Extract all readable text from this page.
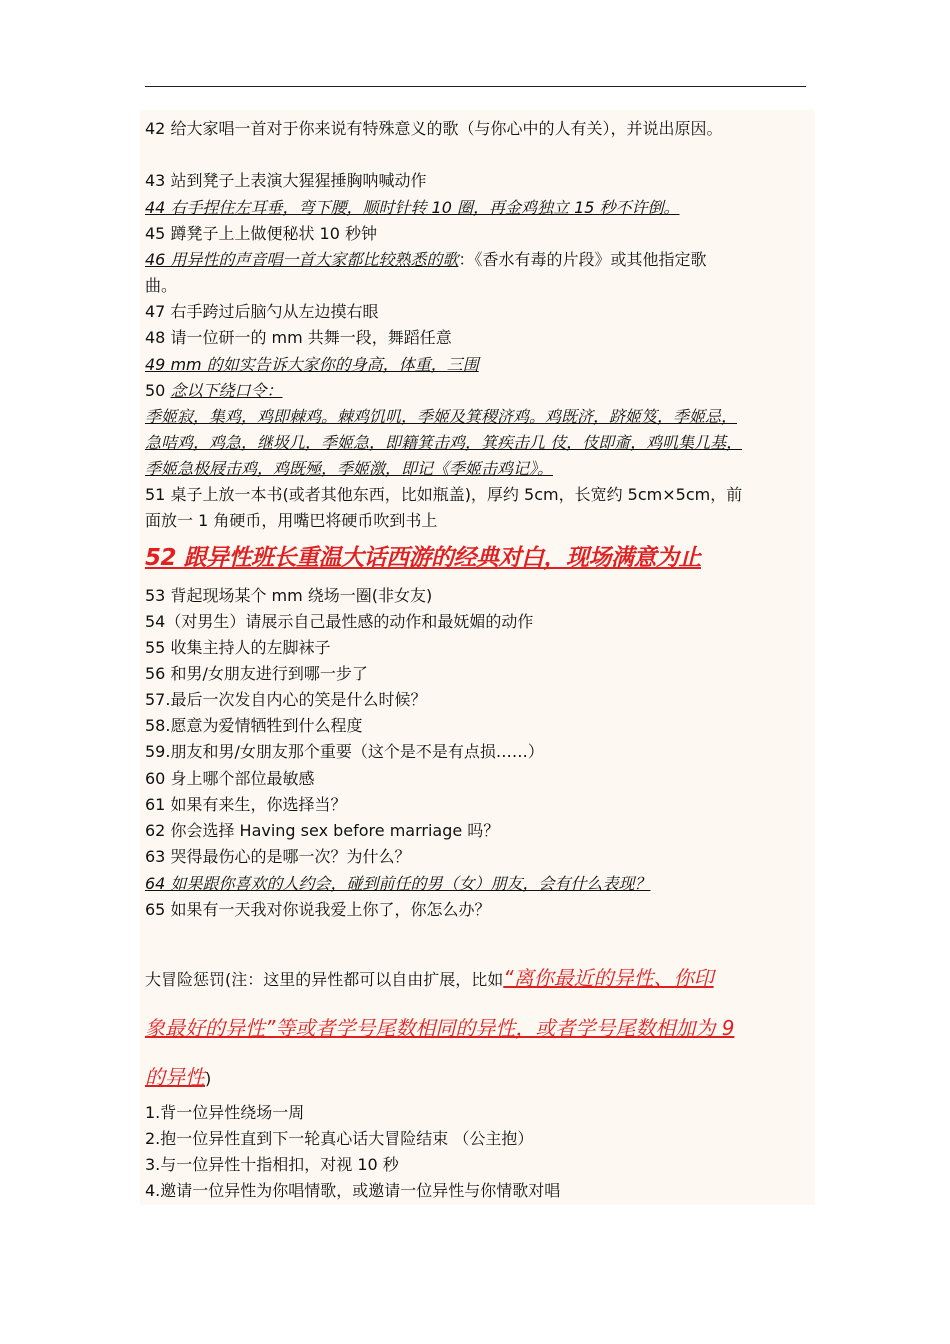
42 给大家唱一首对于你来说有特殊意义的歌（与你心中的人有关），并说出原因。
43 站到凳子上表演大猩猩捶胸呐喊动作
44 右手捏住左耳垂，弯下腰，顺时针转 10 圈，再金鸡独立 15 秒不许倒。
45 蹲凳子上上做便秘状 10 秒钟
46 用异性的声音唱一首大家都比较熟悉的歌：《香水有毒的片段》或其他指定歌
曲。
47 右手跨过后脑勺从左边摸右眼
48 请一位研一的 mm 共舞一段，舞蹈任意
49 mm 的如实告诉大家你的身高，体重，三围
50 念以下绕口令：
季姬寂，集鸡，鸡即棘鸡。棘鸡饥叽，季姬及箕稷济鸡。鸡既济，跻姬笈，季姬忌，
急咭鸡，鸡急，继圾几，季姬急，即籍箕击鸡，箕疾击几 伎，伎即齑，鸡叽集几基，
季姬急极屐击鸡，鸡既殛，季姬激，即记《季姬击鸡记》。
51 桌子上放一本书(或者其他东西，比如瓶盖)，厚约 5cm，长宽约 5cm×5cm，前
面放一 1 角硬币，用嘴巴将硬币吹到书上
52 跟异性班长重温大话西游的经典对白，现场满意为止
53 背起现场某个 mm 绕场一圈(非女友)
54（对男生）请展示自己最性感的动作和最妩媚的动作
55 收集主持人的左脚袜子
56 和男/女朋友进行到哪一步了
57.最后一次发自内心的笑是什么时候？
58.愿意为爱情牺牲到什么程度
59.朋友和男/女朋友那个重要（这个是不是有点损……）
60 身上哪个部位最敏感
61 如果有来生，你选择当？
62 你会选择 Having sex before marriage 吗？
63 哭得最伤心的是哪一次？为什么？
64 如果跟你喜欢的人约会，碰到前任的男（女）朋友，会有什么表现？
65 如果有一天我对你说我爱上你了，你怎么办？
大冒险惩罚(注：这里的异性都可以自由扩展，比如“离你最近的异性、你印
象最好的异性”等或者学号尾数相同的异性，或者学号尾数相加为 9
的异性)
1.背一位异性绕场一周
2.抱一位异性直到下一轮真心话大冒险结束 （公主抱）
3.与一位异性十指相扣，对视 10 秒
4.邀请一位异性为你唱情歌，或邀请一位异性与你情歌对唱
